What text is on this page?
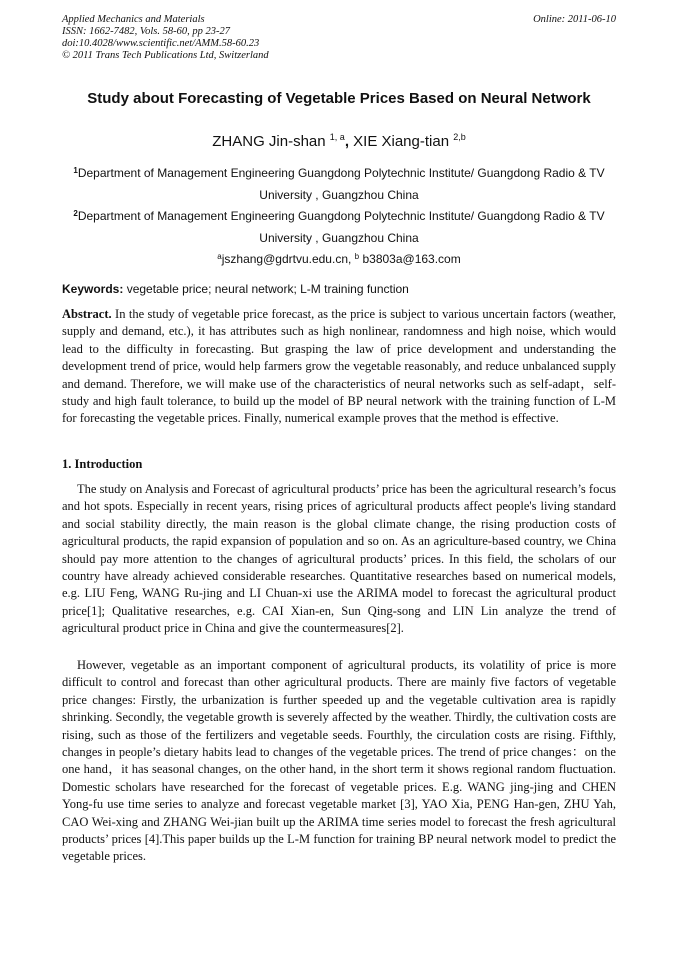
Applied Mechanics and Materials
ISSN: 1662-7482, Vols. 58-60, pp 23-27
doi:10.4028/www.scientific.net/AMM.58-60.23
© 2011 Trans Tech Publications Ltd, Switzerland
Online: 2011-06-10
Study about Forecasting of Vegetable Prices Based on Neural Network
ZHANG Jin-shan $^{1, a}$, XIE Xiang-tian $^{2,b}$
$^1$Department of Management Engineering Guangdong Polytechnic Institute/ Guangdong Radio & TV University , Guangzhou China
$^2$Department of Management Engineering Guangdong Polytechnic Institute/ Guangdong Radio & TV University , Guangzhou China
$^a$jszhang@gdrtvu.edu.cn, $^b$ b3803a@163.com
Keywords: vegetable price; neural network; L-M training function
Abstract. In the study of vegetable price forecast, as the price is subject to various uncertain factors (weather, supply and demand, etc.), it has attributes such as high nonlinear, randomness and high noise, which would lead to the difficulty in forecasting. But grasping the law of price development and understanding the development trend of price, would help farmers grow the vegetable reasonably, and reduce unbalanced supply and demand. Therefore, we will make use of the characteristics of neural networks such as self-adapt，self-study and high fault tolerance, to build up the model of BP neural network with the training function of L-M for forecasting the vegetable prices. Finally, numerical example proves that the method is effective.
1. Introduction
The study on Analysis and Forecast of agricultural products’ price has been the agricultural research’s focus and hot spots. Especially in recent years, rising prices of agricultural products affect people's living standard and social stability directly, the main reason is the global climate change, the rising production costs of agricultural products, the rapid expansion of population and so on. As an agriculture-based country, we China should pay more attention to the changes of agricultural products’ prices. In this field, the scholars of our country have already achieved considerable researches. Quantitative researches based on numerical models, e.g. LIU Feng, WANG Ru-jing and LI Chuan-xi use the ARIMA model to forecast the agricultural product price[1]; Qualitative researches, e.g. CAI Xian-en, Sun Qing-song and LIN Lin analyze the trend of agricultural product price in China and give the countermeasures[2].
However, vegetable as an important component of agricultural products, its volatility of price is more difficult to control and forecast than other agricultural products. There are mainly five factors of vegetable price changes: Firstly, the urbanization is further speeded up and the vegetable cultivation area is rapidly shrinking. Secondly, the vegetable growth is severely affected by the weather. Thirdly, the cultivation costs are rising, such as those of the fertilizers and vegetable seeds. Fourthly, the circulation costs are rising. Fifthly, changes in people’s dietary habits lead to changes of the vegetable prices. The trend of price changes：on the one hand，it has seasonal changes, on the other hand, in the short term it shows regional random fluctuation. Domestic scholars have researched for the forecast of vegetable prices. E.g. WANG jing-jing and CHEN Yong-fu use time series to analyze and forecast vegetable market [3], YAO Xia, PENG Han-gen, ZHU Yah, CAO Wei-xing and ZHANG Wei-jian built up the ARIMA time series model to forecast the fresh agricultural products’ prices [4].This paper builds up the L-M function for training BP neural network model to predict the vegetable prices.
